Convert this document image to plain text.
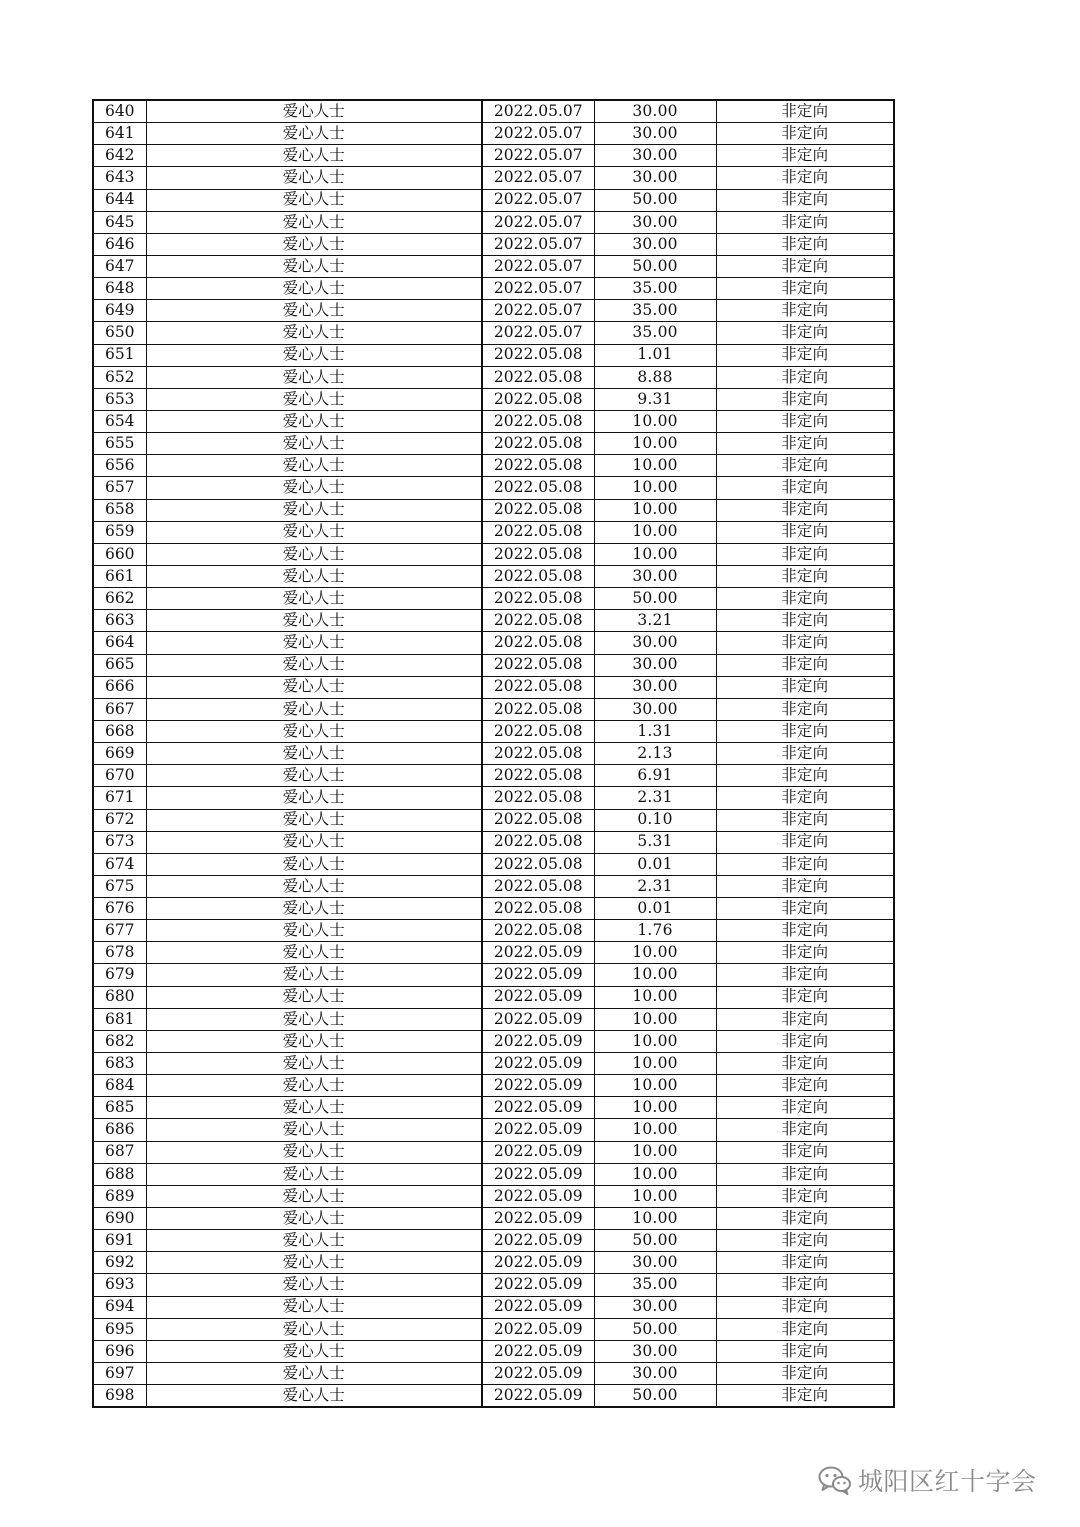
640	爱心人士	2022.05.07	30.00	非定向
641	爱心人士	2022.05.07	30.00	非定向
642	爱心人士	2022.05.07	30.00	非定向
643	爱心人士	2022.05.07	30.00	非定向
644	爱心人士	2022.05.07	50.00	非定向
645	爱心人士	2022.05.07	30.00	非定向
646	爱心人士	2022.05.07	30.00	非定向
647	爱心人士	2022.05.07	50.00	非定向
648	爱心人士	2022.05.07	35.00	非定向
649	爱心人士	2022.05.07	35.00	非定向
650	爱心人士	2022.05.07	35.00	非定向
651	爱心人士	2022.05.08	1.01	非定向
652	爱心人士	2022.05.08	8.88	非定向
653	爱心人士	2022.05.08	9.31	非定向
654	爱心人士	2022.05.08	10.00	非定向
655	爱心人士	2022.05.08	10.00	非定向
656	爱心人士	2022.05.08	10.00	非定向
657	爱心人士	2022.05.08	10.00	非定向
658	爱心人士	2022.05.08	10.00	非定向
659	爱心人士	2022.05.08	10.00	非定向
660	爱心人士	2022.05.08	10.00	非定向
661	爱心人士	2022.05.08	30.00	非定向
662	爱心人士	2022.05.08	50.00	非定向
663	爱心人士	2022.05.08	3.21	非定向
664	爱心人士	2022.05.08	30.00	非定向
665	爱心人士	2022.05.08	30.00	非定向
666	爱心人士	2022.05.08	30.00	非定向
667	爱心人士	2022.05.08	30.00	非定向
668	爱心人士	2022.05.08	1.31	非定向
669	爱心人士	2022.05.08	2.13	非定向
670	爱心人士	2022.05.08	6.91	非定向
671	爱心人士	2022.05.08	2.31	非定向
672	爱心人士	2022.05.08	0.10	非定向
673	爱心人士	2022.05.08	5.31	非定向
674	爱心人士	2022.05.08	0.01	非定向
675	爱心人士	2022.05.08	2.31	非定向
676	爱心人士	2022.05.08	0.01	非定向
677	爱心人士	2022.05.08	1.76	非定向
678	爱心人士	2022.05.09	10.00	非定向
679	爱心人士	2022.05.09	10.00	非定向
680	爱心人士	2022.05.09	10.00	非定向
681	爱心人士	2022.05.09	10.00	非定向
682	爱心人士	2022.05.09	10.00	非定向
683	爱心人士	2022.05.09	10.00	非定向
684	爱心人士	2022.05.09	10.00	非定向
685	爱心人士	2022.05.09	10.00	非定向
686	爱心人士	2022.05.09	10.00	非定向
687	爱心人士	2022.05.09	10.00	非定向
688	爱心人士	2022.05.09	10.00	非定向
689	爱心人士	2022.05.09	10.00	非定向
690	爱心人士	2022.05.09	10.00	非定向
691	爱心人士	2022.05.09	50.00	非定向
692	爱心人士	2022.05.09	30.00	非定向
693	爱心人士	2022.05.09	35.00	非定向
694	爱心人士	2022.05.09	30.00	非定向
695	爱心人士	2022.05.09	50.00	非定向
696	爱心人士	2022.05.09	30.00	非定向
697	爱心人士	2022.05.09	30.00	非定向
698	爱心人士	2022.05.09	50.00	非定向
城阳区红十字会
